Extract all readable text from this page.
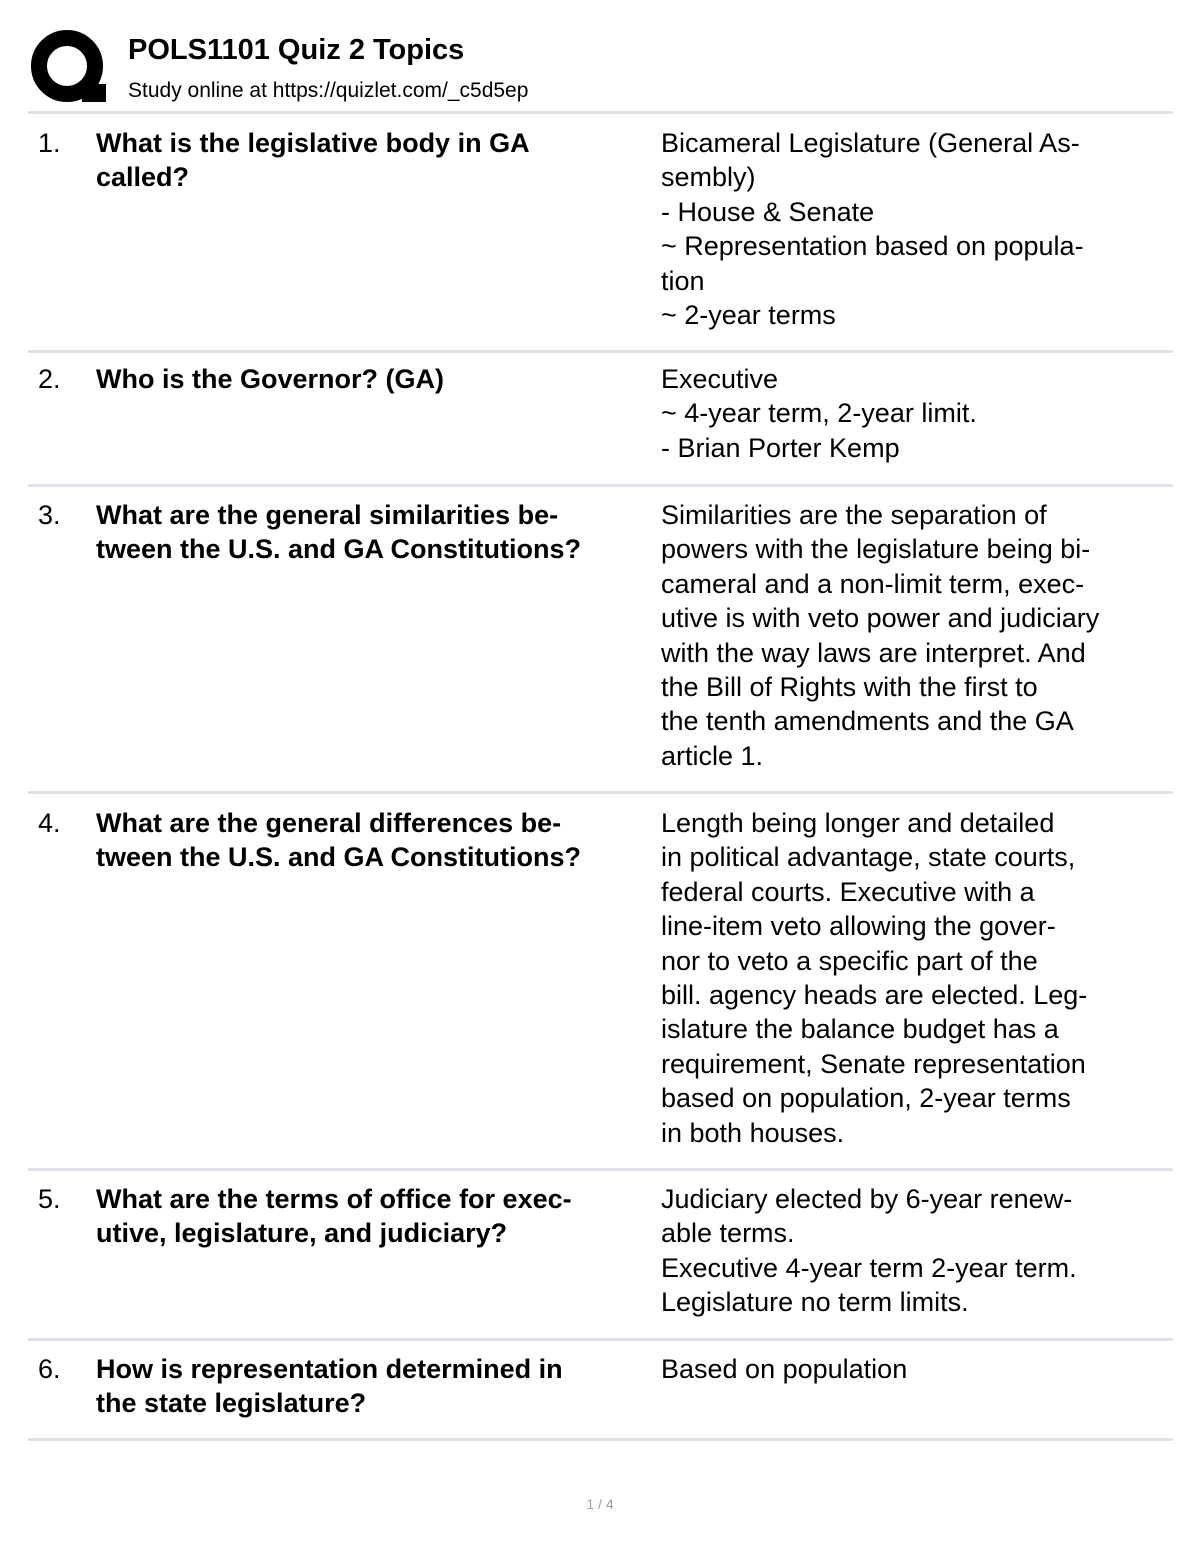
POLS1101 Quiz 2 Topics
Study online at https://quizlet.com/_c5d5ep
1. What is the legislative body in GA
called?
Bicameral Legislature (General As-
sembly)
- House & Senate
~ Representation based on popula-
tion
~ 2-year terms
2. Who is the Governor? (GA)	Executive
~ 4-year term, 2-year limit.
- Brian Porter Kemp
3. What are the general similarities be-
tween the U.S. and GA Constitutions?
Similarities are the separation of
powers with the legislature being bi-
cameral and a non-limit term, exec-
utive is with veto power and judiciary
with the way laws are interpret. And
the Bill of Rights with the first to
the tenth amendments and the GA
article 1.
4. What are the general differences be-
tween the U.S. and GA Constitutions?
Length being longer and detailed
in political advantage, state courts,
federal courts. Executive with a
line-item veto allowing the gover-
nor to veto a specific part of the
bill. agency heads are elected. Leg-
islature the balance budget has a
requirement, Senate representation
based on population, 2-year terms
in both houses.
5. What are the terms of office for exec-
utive, legislature, and judiciary?
Judiciary elected by 6-year renew-
able terms.
Executive 4-year term 2-year term.
Legislature no term limits.
6. How is representation determined in
the state legislature?
Based on population
1 / 4
